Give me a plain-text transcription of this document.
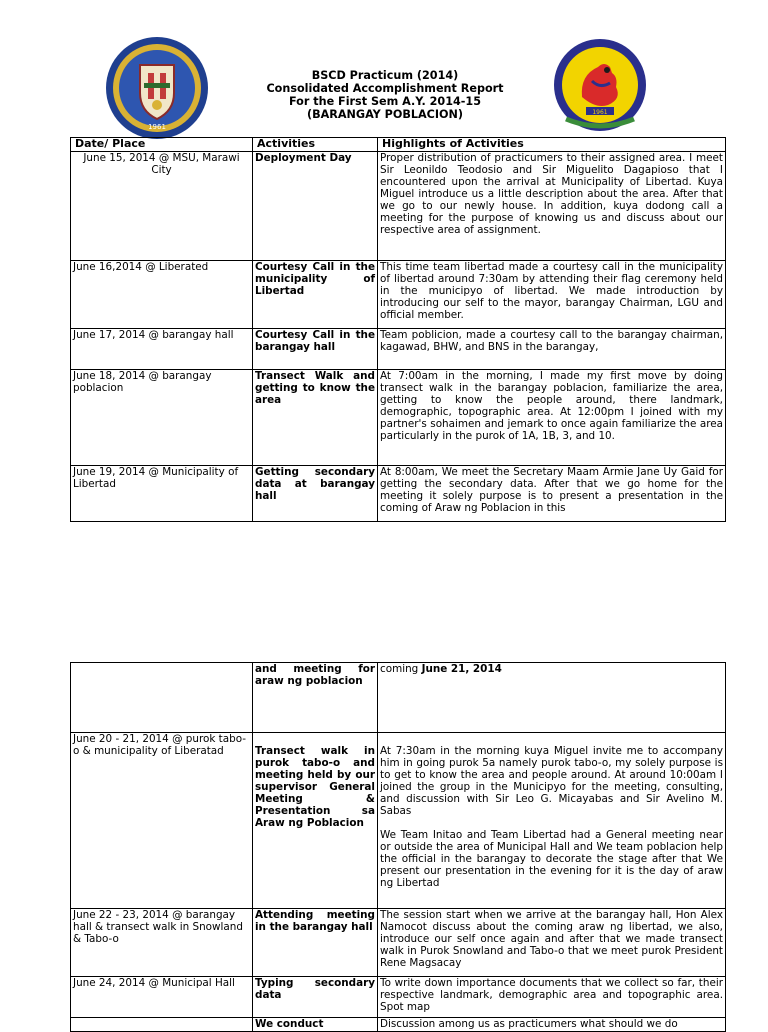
1961
1961
BSCD Practicum (2014)
Consolidated Accomplishment Report
For the First Sem A.Y. 2014-15
(BARANGAY POBLACION)
Date/ Place	Activities	Highlights of Activities
June 15, 2014 @ MSU, Marawi City	Deployment Day	Proper distribution of practicumers to their assigned area. I meet Sir Leonildo Teodosio and Sir Miguelito Dagapioso that I encountered upon the arrival at Municipality of Libertad. Kuya Miguel introduce us a little description about the area. After that we go to our newly house. In addition, kuya dodong call a meeting for the purpose of knowing us and discuss about our respective area of assignment.
June 16,2014 @ Liberated	Courtesy Call in the municipality of Libertad	This time team libertad made a courtesy call in the municipality of libertad around 7:30am by attending their flag ceremony held in the municipyo of libertad. We made introduction by introducing our self to the mayor, barangay Chairman, LGU and official member.
June 17, 2014 @ barangay hall	Courtesy Call in the barangay hall	Team poblicion, made a courtesy call to the barangay chairman, kagawad, BHW, and BNS in the barangay,
June 18, 2014 @ barangay poblacion	Transect Walk and getting to know the area	At 7:00am in the morning, I made my first move by doing transect walk in the barangay poblacion, familiarize the area, getting to know the people around, there landmark, demographic, topographic area. At 12:00pm I joined with my partner's sohaimen and jemark to once again familiarize the area particularly in the purok of 1A, 1B, 3, and 10.
June 19, 2014 @ Municipality of Libertad	Getting secondary data at barangay hall	At 8:00am, We meet the Secretary Maam Armie Jane Uy Gaid for getting the secondary data. After that we go home for the meeting it solely purpose is to present a presentation in the coming of Araw ng Poblacion in this
	and meeting for araw ng poblacion	coming June 21, 2014
June 20 - 21, 2014 @ purok tabo-o & municipality of Liberatad	Transect walk in purok tabo-o and meeting held by our supervisor General Meeting & Presentation sa Araw ng Poblacion	At 7:30am in the morning kuya Miguel invite me to accompany him in going purok 5a namely purok tabo-o, my solely purpose is to get to know the area and people around. At around 10:00am I joined the group in the Municipyo for the meeting, consulting, and discussion with Sir Leo G. Micayabas and Sir Avelino M. Sabas
We Team Initao and Team Libertad had a General meeting near or outside the area of Municipal Hall and We team poblacion help the official in the barangay to decorate the stage after that We present our presentation in the evening for it is the day of araw ng Libertad

June 22 - 23, 2014 @ barangay hall & transect walk in Snowland & Tabo-o	Attending meeting in the barangay hall	The session start when we arrive at the barangay hall, Hon Alex Namocot discuss about the coming araw ng libertad, we also, introduce our self once again and after that we made transect walk in Purok Snowland and Tabo-o that we meet purok President Rene Magsacay
June 24, 2014 @ Municipal Hall	Typing secondary data	To write down importance documents that we collect so far, their respective landmark, demographic area and topographic area. Spot map
	We conduct	Discussion among us as practicumers what should we do
